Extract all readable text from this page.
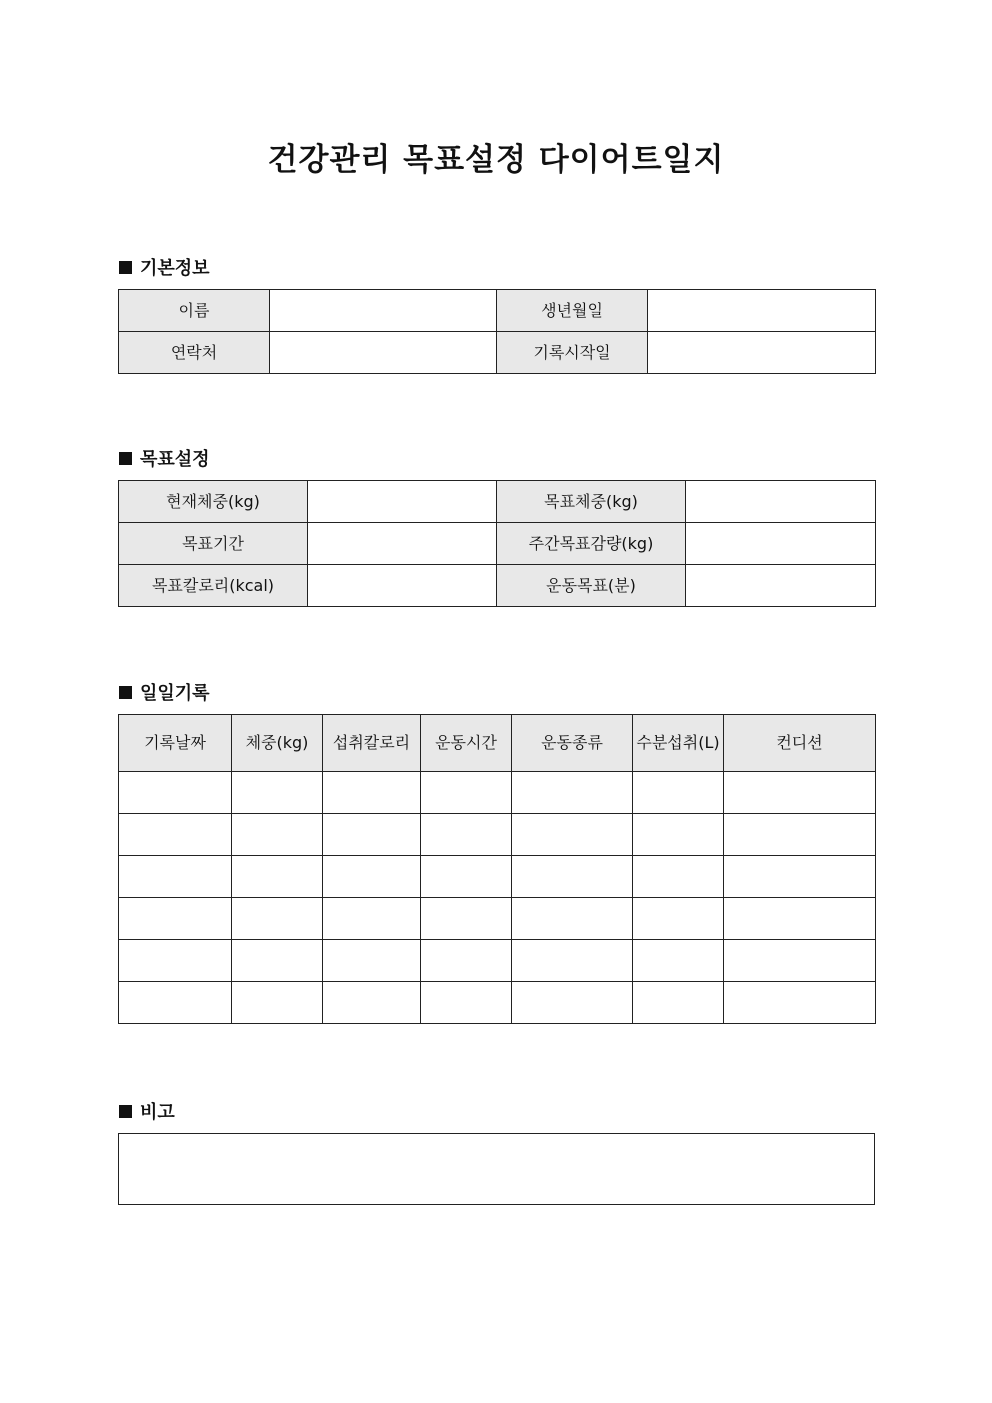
건강관리 목표설정 다이어트일지
기본정보
이름		생년월일	
연락처		기록시작일	
목표설정
현재체중(kg)		목표체중(kg)	
목표기간		주간목표감량(kg)	
목표칼로리(kcal)		운동목표(분)	
일일기록
기록날짜	체중(kg)	섭취칼로리	운동시간	운동종류	수분섭취(L)	컨디션

비고
